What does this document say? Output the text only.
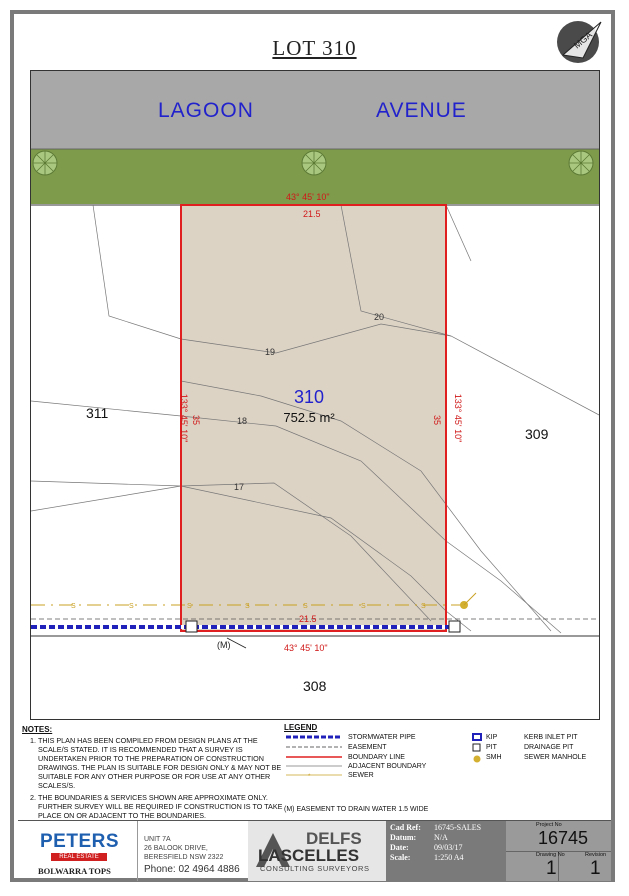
LOT 310	MGA
LAGOON	AVENUE
S	S	S	S	S	S	S
43° 45' 10"
21.5
133° 45' 10" 35	35 133° 45' 10"
21.5
43° 45' 10"
(M)
20
19
18
17
310
752.5 m²
311
309
308
NOTES:
1. THIS PLAN HAS BEEN COMPILED FROM DESIGN PLANS AT THE SCALE/S STATED. IT IS RECOMMENDED THAT A SURVEY IS UNDERTAKEN PRIOR TO THE PREPARATION OF CONSTRUCTION DRAWINGS. THE PLAN IS SUITABLE FOR DESIGN ONLY & MAY NOT BE SUITABLE FOR ANY OTHER PURPOSE OR FOR USE AT ANY OTHER SCALES/S.
2. THE BOUNDARIES & SERVICES SHOWN ARE APPROXIMATE ONLY. FURTHER SURVEY WILL BE REQUIRED IF CONSTRUCTION IS TO TAKE PLACE ON OR ADJACENT TO THE BOUNDARIES.
LEGEND
*
STORMWATER PIPE
EASEMENT
BOUNDARY LINE
ADJACENT BOUNDARY
SEWER
KIP	KERB INLET PIT
PIT	DRAINAGE PIT
SMH	SEWER MANHOLE
(M) EASEMENT TO DRAIN WATER 1.5 WIDE
PETERS
REAL ESTATE
BOLWARRA TOPS
UNIT 7A
26 BALOOK DRIVE,
BERESFIELD NSW 2322
Phone: 02 4964 4886
DELFS
LASCELLES
CONSULTING SURVEYORS
Cad Ref: 16745-SALES
Datum: N/A
Date:	09/03/17
Scale:	1:250 A4
Project No
16745
Drawing No
1
Revision
1
